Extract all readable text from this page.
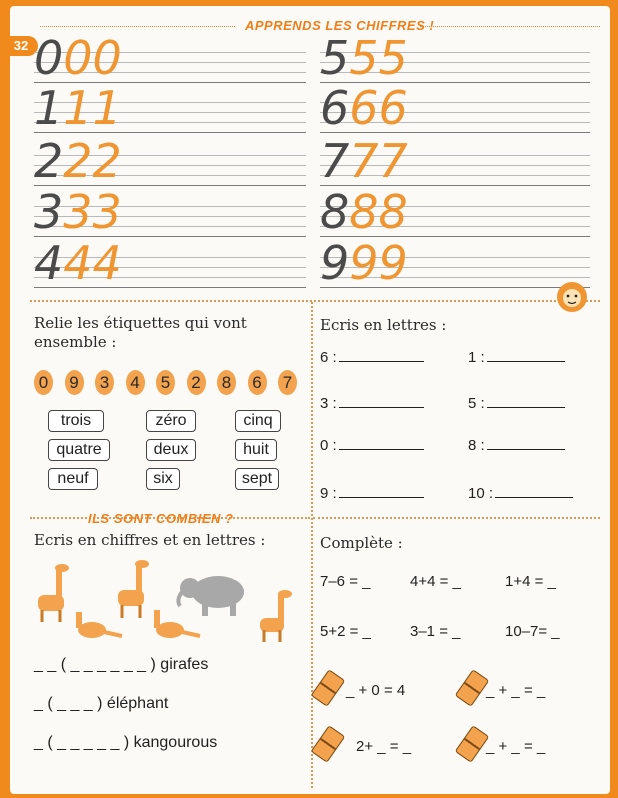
32
APPRENDS LES CHIFFRES !
000
111
222
333
444
555
666
777
888
999
Relie les étiquettes qui vont
ensemble :
0 9 3 4 5 2 8 6 7
trois	zéro	cinq
quatre	deux	huit
neuf	six	sept
Ecris en lettres :
6 :	1 :
3 :	5 :
0 :	8 :
9 :	10 :
ILS SONT COMBIEN ?
Ecris en chiffres et en lettres :
_ _ ( _ _ _ _ _ _ ) girafes
_ ( _ _ _ ) éléphant
_ ( _ _ _ _ _ ) kangourous
Complète :
7–6 = _	4+4 = _	1+4 = _
5+2 = _	3–1 = _	10–7= _
_ + 0 = 4	_ + _ = _
2+ _ = _	_ + _ = _
